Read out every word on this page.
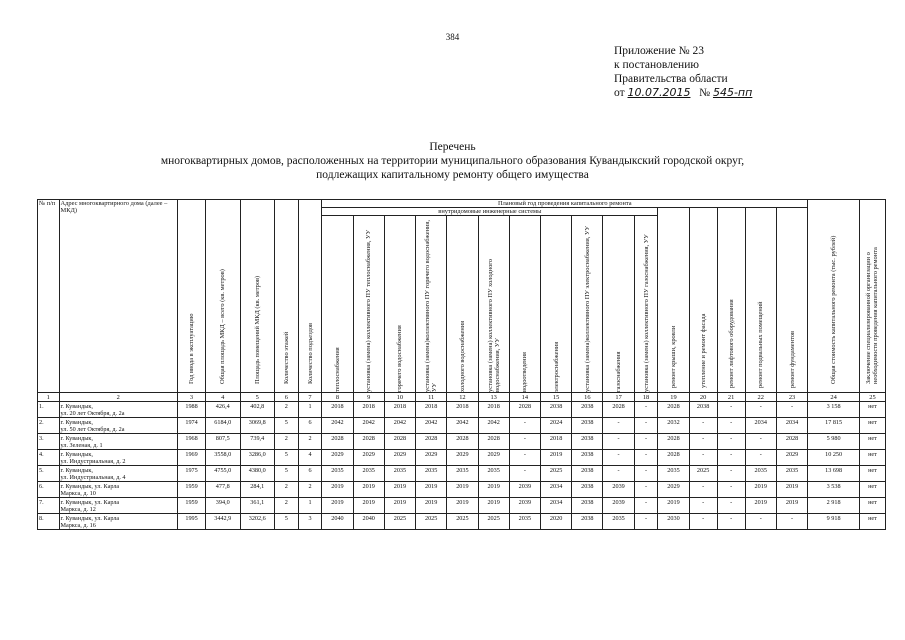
384
Приложение № 23
к постановлению
Правительства области
от 10.07.2015 № 545-пп
Перечень
многоквартирных домов, расположенных на территории муниципального образования Кувандыкский городской округ,
подлежащих капитальному ремонту общего имущества
№ п/п	Адрес многоквартирного дома (далее – МКД)	Год ввода в эксплуатацию	Общая площадь МКД – всего (кв. метров)	Площадь помещений МКД (кв. метров)	Количество этажей	Количество подъездов	Плановый год проведения капитального ремонта																Общая стоимость капитального ремонта (тыс. рублей)	Заключение специализированной организации о необходимости проведения капитального ремонта

							внутридомовые инженерные системы											ремонт крыши, кровли	утепление и ремонт фасада	ремонт лифтового оборудования	ремонт подвальных помещений	ремонт фундаментов		

							теплоснабжения	установка (замена) коллективного ПУ теплоснабжения, УУ	горячего водоснабжения	установка (замена)коллективного ПУ горячего водоснабжения, УУ	холодного водоснабжения	установка (замена) коллективного ПУ холодного водоснабжения, УУ	водоотведения	электроснабжения	установка (замена)коллективного ПУ электроснабжения, УУ	газоснабжения	установка (замена) коллективного ПУ газоснабжения, УУ							

1	2	3	4	5	6	7	8	9	10	11	12	13	14	15	16	17	18	19	20	21	22	23	24	25
1.	г. Кувандык,
ул. 20 лет Октября, д. 2а	1988	426,4	402,8	2	1	2018	2018	2018	2018	2018	2018	2028	2038	2038	2028	-	2028	2038	-	-	-	3 158	нет
2.	г. Кувандык,
ул. 50 лет Октября, д. 2а	1974	6184,0	3069,8	5	6	2042	2042	2042	2042	2042	2042	-	2024	2038	-	-	2032	-	-	2034	2034	17 815	нет
3.	г. Кувандык,
ул. Зеленая, д. 1	1968	807,5	739,4	2	2	2028	2028	2028	2028	2028	2028	-	2018	2038	-	-	2028	-	-	-	2028	5 980	нет
4.	г. Кувандык,
ул. Индустриальная, д. 2	1969	3558,0	3286,0	5	4	2029	2029	2029	2029	2029	2029	-	2019	2038	-	-	2028	-	-	-	2029	10 250	нет
5.	г. Кувандык,
ул. Индустриальная, д. 4	1975	4755,0	4380,0	5	6	2035	2035	2035	2035	2035	2035	-	2025	2038	-	-	2035	2025	-	2035	2035	13 698	нет
6.	г. Кувандык, ул. Карла
Маркса, д. 10	1959	477,8	284,1	2	2	2019	2019	2019	2019	2019	2019	2039	2034	2038	2039	-	2029	-	-	2019	2019	3 538	нет
7.	г. Кувандык, ул. Карла
Маркса, д. 12	1959	394,0	361,1	2	1	2019	2019	2019	2019	2019	2019	2039	2034	2038	2039	-	2019	-	-	2019	2019	2 918	нет
8.	г. Кувандык, ул. Карла
Маркса, д. 16	1995	3442,9	3202,6	5	3	2040	2040	2025	2025	2025	2025	2035	2020	2038	2035	-	2030	-	-	-	-	9 918	нет
